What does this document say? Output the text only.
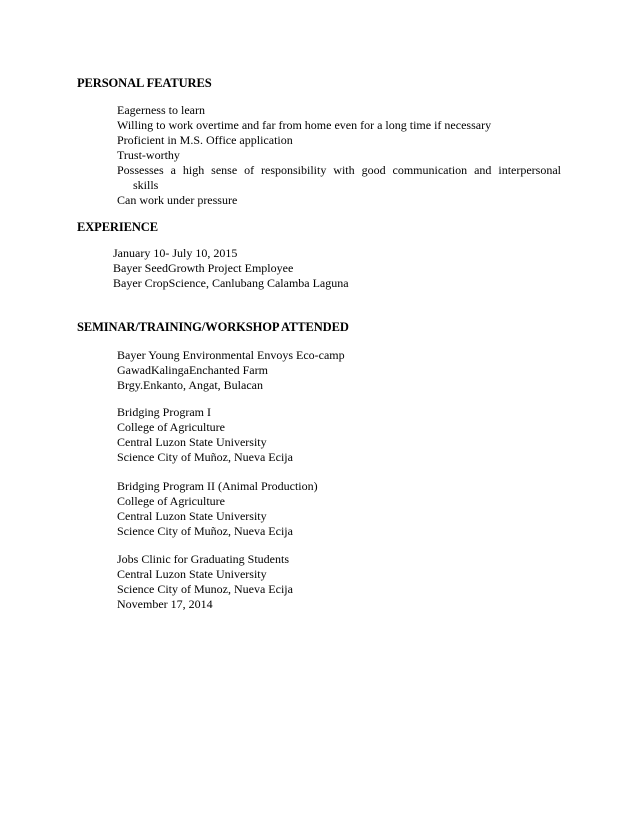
PERSONAL FEATURES
Eagerness to learn
Willing to work overtime and far from home even for a long time if necessary
Proficient in M.S. Office application
Trust-worthy
Possesses a high sense of responsibility with good communication and interpersonal
skills
Can work under pressure
EXPERIENCE
January 10- July 10, 2015
Bayer SeedGrowth Project Employee
Bayer CropScience, Canlubang Calamba Laguna
SEMINAR/TRAINING/WORKSHOP ATTENDED
Bayer Young Environmental Envoys Eco-camp
GawadKalingaEnchanted Farm
Brgy.Enkanto, Angat, Bulacan
Bridging Program I
College of Agriculture
Central Luzon State University
Science City of Muñoz, Nueva Ecija
Bridging Program II (Animal Production)
College of Agriculture
Central Luzon State University
Science City of Muñoz, Nueva Ecija
Jobs Clinic for Graduating Students
Central Luzon State University
Science City of Munoz, Nueva Ecija
November 17, 2014
